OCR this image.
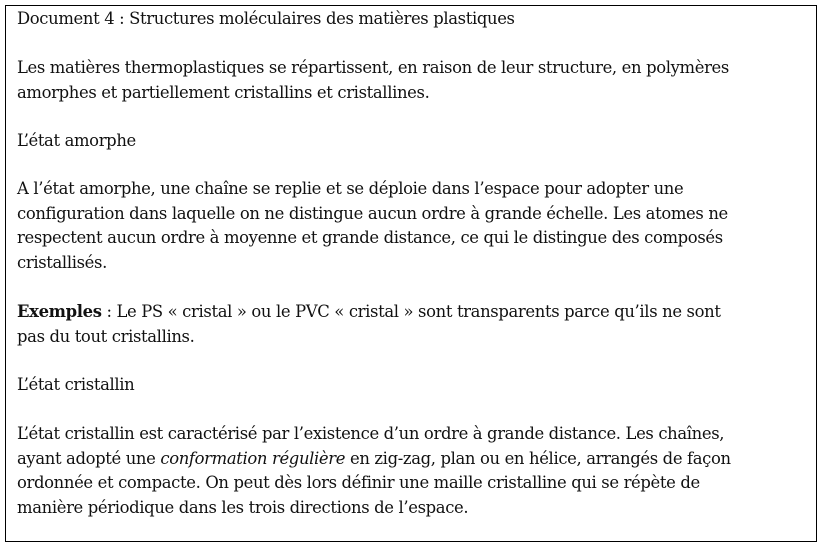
Document 4 : Structures moléculaires des matières plastiques

Les matières thermoplastiques se répartissent, en raison de leur structure, en polymères
amorphes et partiellement cristallins et cristallines.

L’état amorphe

A l’état amorphe, une chaîne se replie et se déploie dans l’espace pour adopter une
configuration dans laquelle on ne distingue aucun ordre à grande échelle. Les atomes ne
respectent aucun ordre à moyenne et grande distance, ce qui le distingue des composés
cristallisés.

Exemples : Le PS « cristal » ou le PVC « cristal » sont transparents parce qu’ils ne sont
pas du tout cristallins.

L’état cristallin

L’état cristallin est caractérisé par l’existence d’un ordre à grande distance. Les chaînes,
ayant adopté une conformation régulière en zig-zag, plan ou en hélice, arrangés de façon
ordonnée et compacte. On peut dès lors définir une maille cristalline qui se répète de
manière périodique dans les trois directions de l’espace.
